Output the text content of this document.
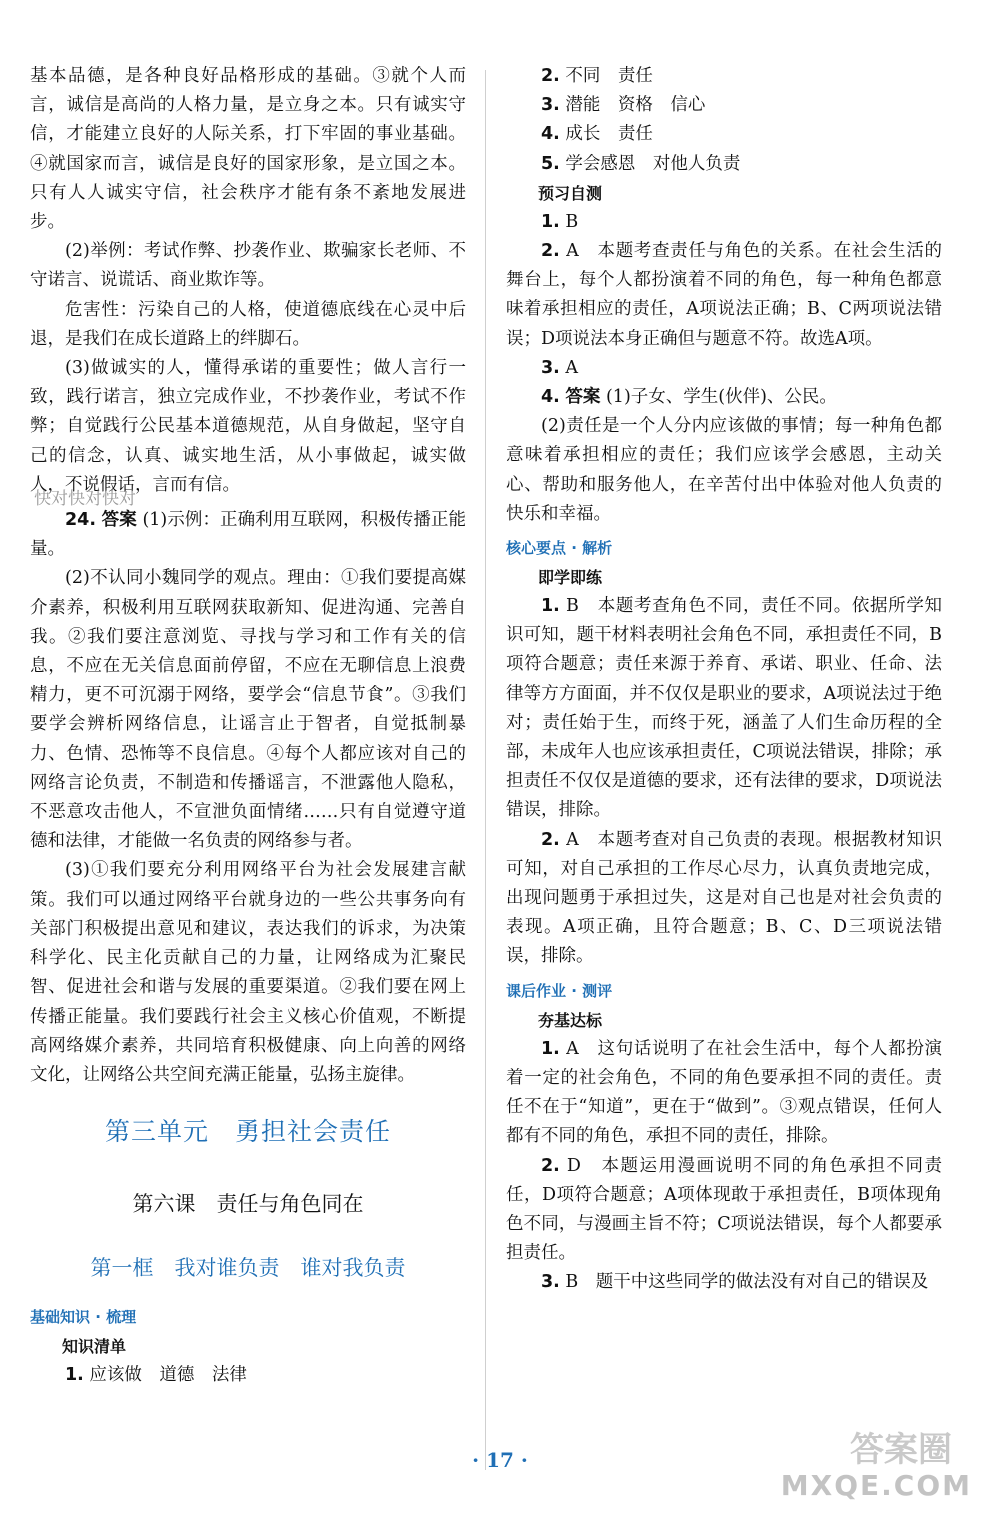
基本品德，是各种良好品格形成的基础。③就个人而言，诚信是高尚的人格力量，是立身之本。只有诚实守信，才能建立良好的人际关系，打下牢固的事业基础。④就国家而言，诚信是良好的国家形象，是立国之本。只有人人诚实守信，社会秩序才能有条不紊地发展进步。

(2)举例：考试作弊、抄袭作业、欺骗家长老师、不守诺言、说谎话、商业欺诈等。

危害性：污染自己的人格，使道德底线在心灵中后退，是我们在成长道路上的绊脚石。

(3)做诚实的人，懂得承诺的重要性；做人言行一致，践行诺言，独立完成作业，不抄袭作业，考试不作弊；自觉践行公民基本道德规范，从自身做起，坚守自己的信念，认真、诚实地生活，从小事做起，诚实做人，不说假话，言而有信。

24. 答案 (1)示例：正确利用互联网，积极传播正能量。

(2)不认同小魏同学的观点。理由：①我们要提高媒介素养，积极利用互联网获取新知、促进沟通、完善自我。②我们要注意浏览、寻找与学习和工作有关的信息，不应在无关信息面前停留，不应在无聊信息上浪费精力，更不可沉溺于网络，要学会“信息节食”。③我们要学会辨析网络信息，让谣言止于智者，自觉抵制暴力、色情、恐怖等不良信息。④每个人都应该对自己的网络言论负责，不制造和传播谣言，不泄露他人隐私，不恶意攻击他人，不宣泄负面情绪……只有自觉遵守道德和法律，才能做一名负责的网络参与者。

(3)①我们要充分利用网络平台为社会发展建言献策。我们可以通过网络平台就身边的一些公共事务向有关部门积极提出意见和建议，表达我们的诉求，为决策科学化、民主化贡献自己的力量，让网络成为汇聚民智、促进社会和谐与发展的重要渠道。②我们要在网上传播正能量。我们要践行社会主义核心价值观，不断提高网络媒介素养，共同培育积极健康、向上向善的网络文化，让网络公共空间充满正能量，弘扬主旋律。

第三单元　勇担社会责任
第六课　责任与角色同在
第一框　我对谁负责　谁对我负责
基础知识 · 梳理
知识清单

1. 应该做　道德　法律

快对快对快对

2. 不同　责任

3. 潜能　资格　信心

4. 成长　责任

5. 学会感恩　对他人负责

预习自测

1. B

2. A　本题考查责任与角色的关系。在社会生活的舞台上，每个人都扮演着不同的角色，每一种角色都意味着承担相应的责任，A项说法正确；B、C两项说法错误；D项说法本身正确但与题意不符。故选A项。

3. A

4. 答案 (1)子女、学生(伙伴)、公民。

(2)责任是一个人分内应该做的事情；每一种角色都意味着承担相应的责任；我们应该学会感恩，主动关心、帮助和服务他人，在辛苦付出中体验对他人负责的快乐和幸福。

核心要点 · 解析
即学即练

1. B　本题考查角色不同，责任不同。依据所学知识可知，题干材料表明社会角色不同，承担责任不同，B项符合题意；责任来源于养育、承诺、职业、任命、法律等方方面面，并不仅仅是职业的要求，A项说法过于绝对；责任始于生，而终于死，涵盖了人们生命历程的全部，未成年人也应该承担责任，C项说法错误，排除；承担责任不仅仅是道德的要求，还有法律的要求，D项说法错误，排除。

2. A　本题考查对自己负责的表现。根据教材知识可知，对自己承担的工作尽心尽力，认真负责地完成，出现问题勇于承担过失，这是对自己也是对社会负责的表现。A项正确，且符合题意；B、C、D三项说法错误，排除。

课后作业 · 测评
夯基达标

1. A　这句话说明了在社会生活中，每个人都扮演着一定的社会角色，不同的角色要承担不同的责任。责任不在于“知道”，更在于“做到”。③观点错误，任何人都有不同的角色，承担不同的责任，排除。

2. D　本题运用漫画说明不同的角色承担不同责任，D项符合题意；A项体现敢于承担责任，B项体现角色不同，与漫画主旨不符；C项说法错误，每个人都要承担责任。

3. B　题干中这些同学的做法没有对自己的错误及

· 17 ·	答案圈
MXQE.COM
